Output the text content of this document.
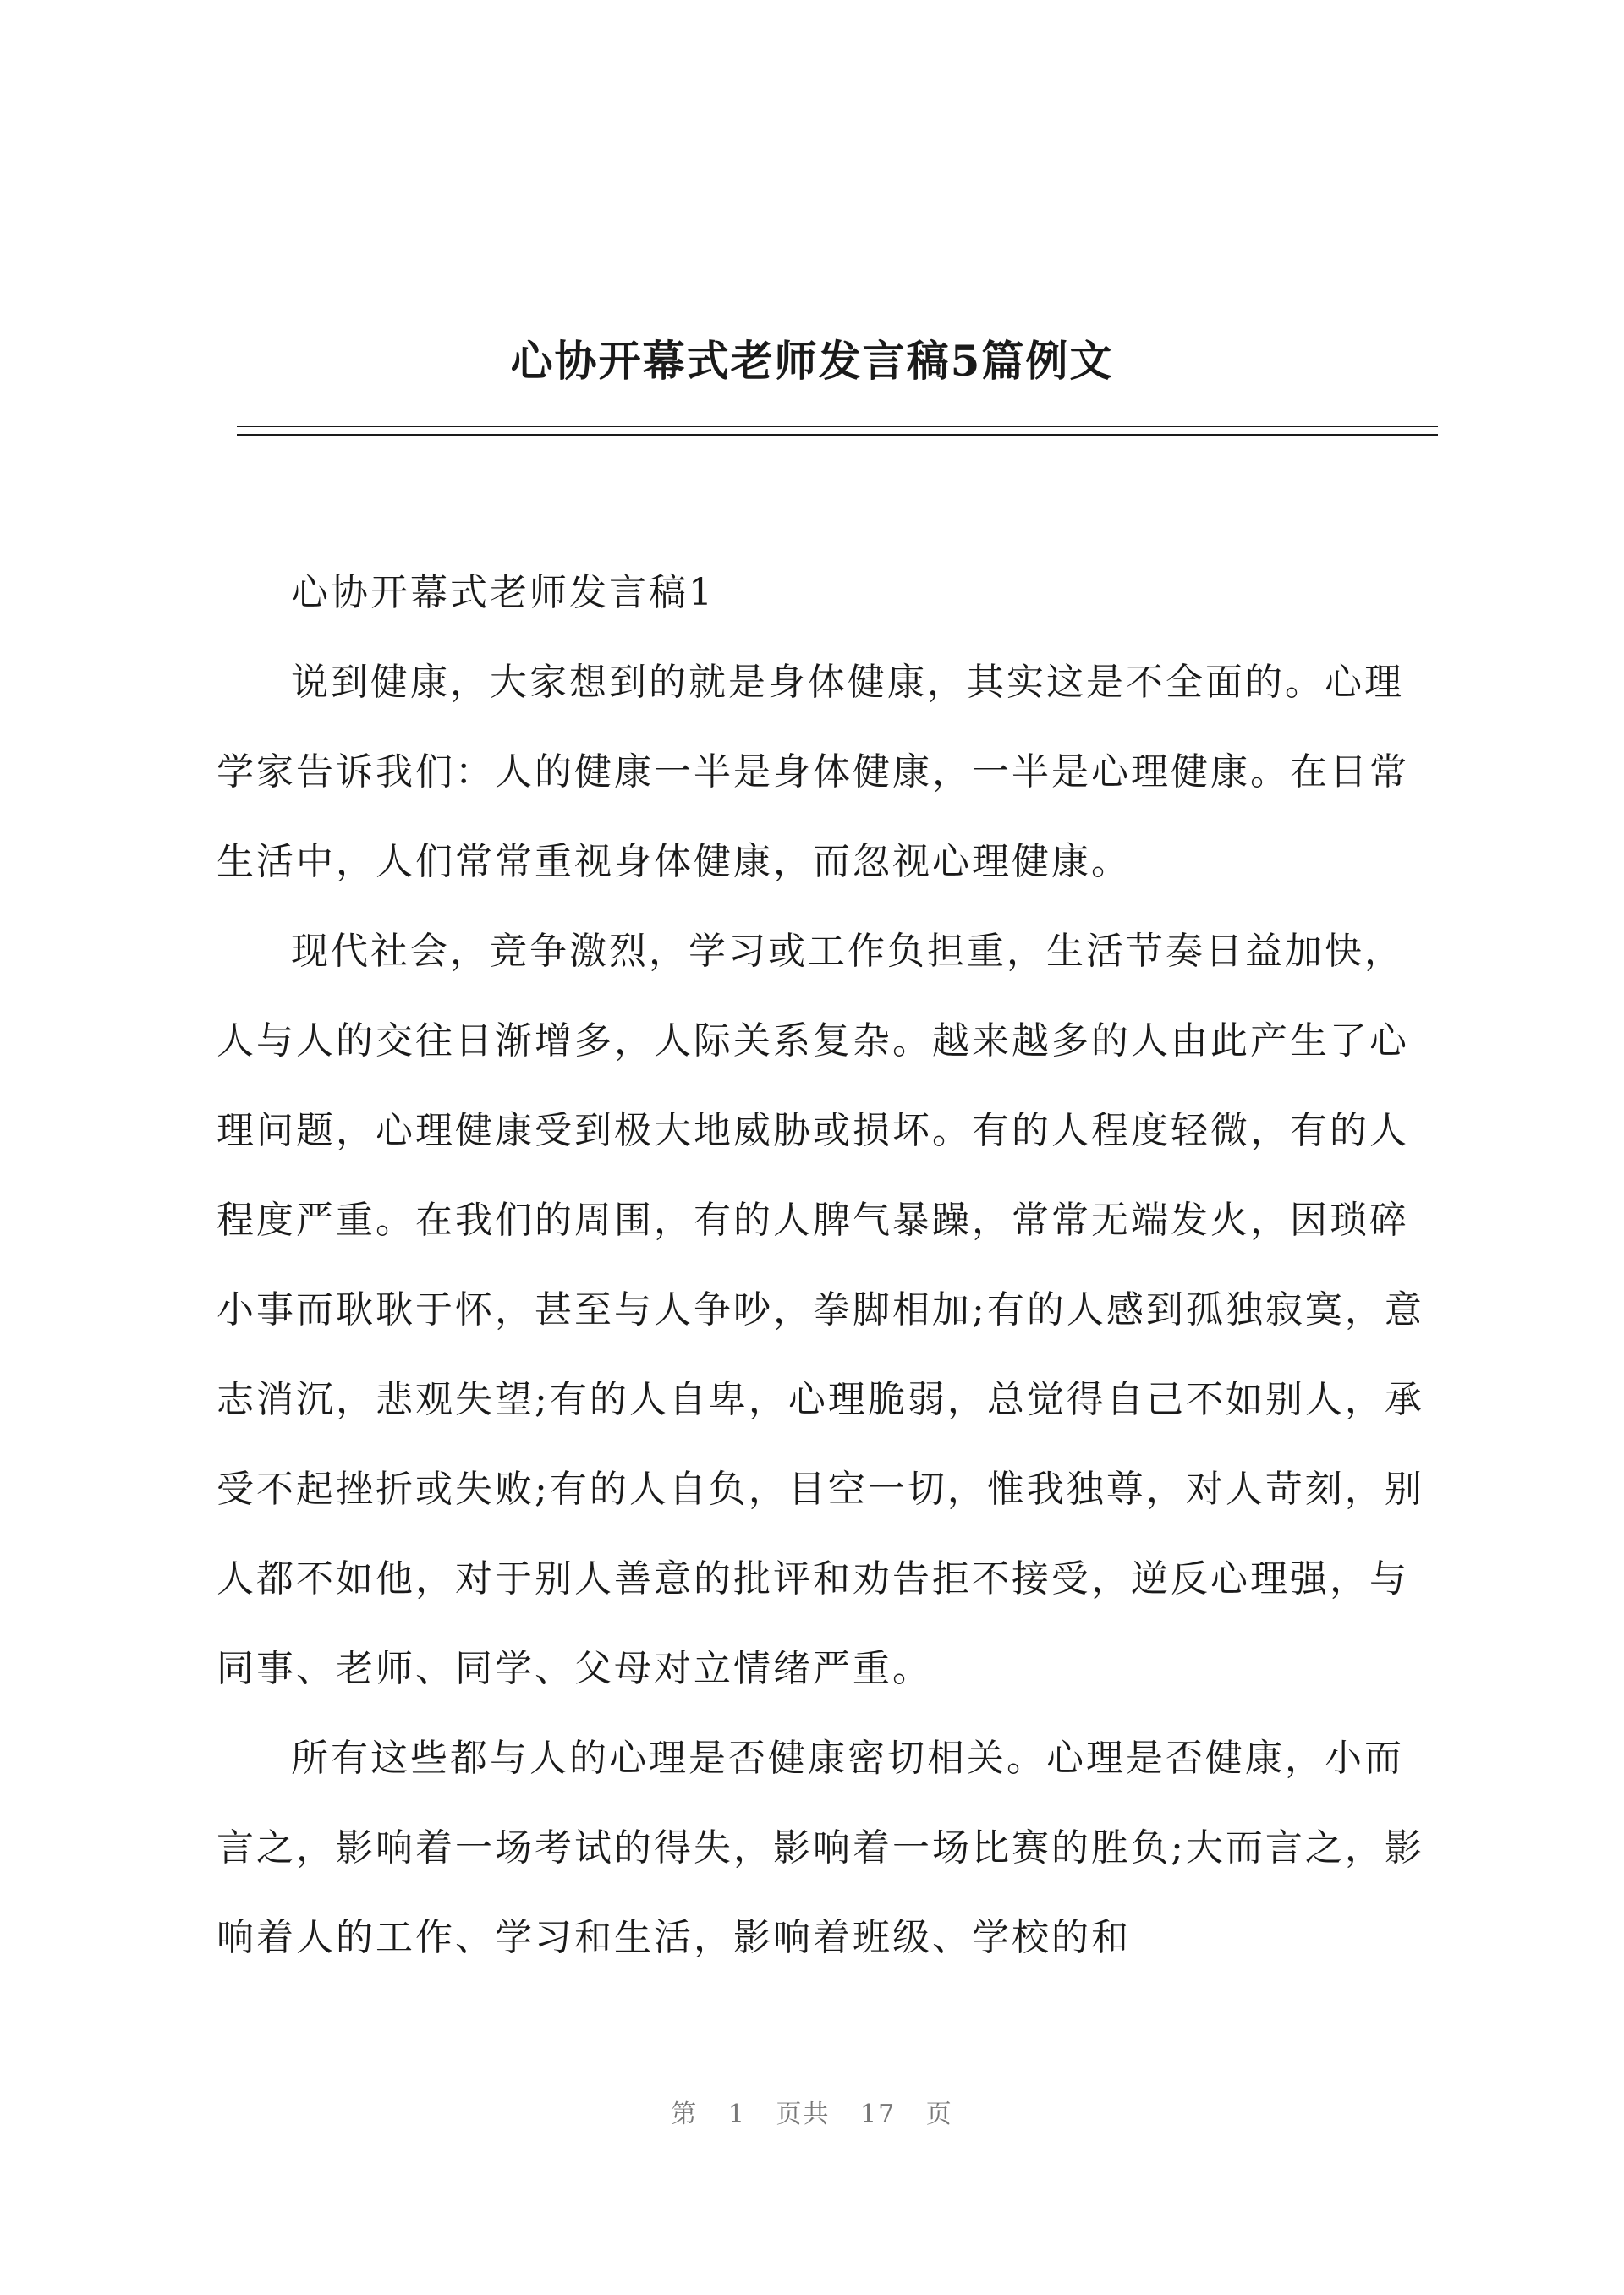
心协开幕式老师发言稿5篇例文

心协开幕式老师发言稿1

说到健康，大家想到的就是身体健康，其实这是不全面的。心理学家告诉我们：人的健康一半是身体健康，一半是心理健康。在日常生活中，人们常常重视身体健康，而忽视心理健康。

现代社会，竞争激烈，学习或工作负担重，生活节奏日益加快，人与人的交往日渐增多，人际关系复杂。越来越多的人由此产生了心理问题，心理健康受到极大地威胁或损坏。有的人程度轻微，有的人程度严重。在我们的周围，有的人脾气暴躁，常常无端发火，因琐碎小事而耿耿于怀，甚至与人争吵，拳脚相加;有的人感到孤独寂寞，意志消沉，悲观失望;有的人自卑，心理脆弱，总觉得自己不如别人，承受不起挫折或失败;有的人自负，目空一切，惟我独尊，对人苛刻，别人都不如他，对于别人善意的批评和劝告拒不接受，逆反心理强，与同事、老师、同学、父母对立情绪严重。

所有这些都与人的心理是否健康密切相关。心理是否健康，小而言之，影响着一场考试的得失，影响着一场比赛的胜负;大而言之，影响着人的工作、学习和生活，影响着班级、学校的和

第 1 页共 17 页
